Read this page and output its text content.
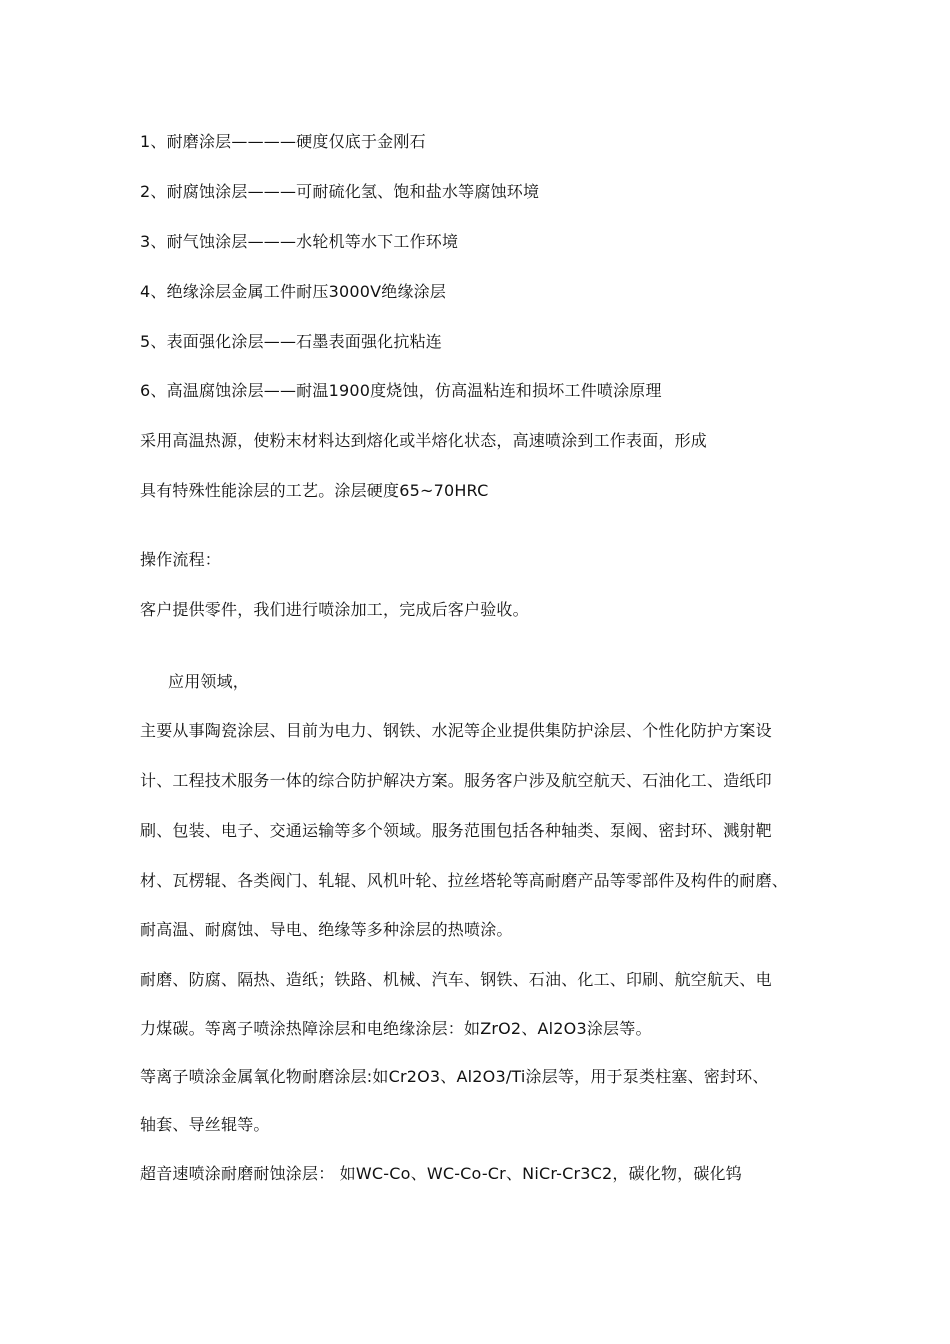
1、耐磨涂层————硬度仅底于金刚石
2、耐腐蚀涂层———可耐硫化氢、饱和盐水等腐蚀环境
3、耐气蚀涂层———水轮机等水下工作环境
4、绝缘涂层金属工件耐压3000V绝缘涂层
5、表面强化涂层——石墨表面强化抗粘连
6、高温腐蚀涂层——耐温1900度烧蚀，仿高温粘连和损坏工件喷涂原理
采用高温热源，使粉末材料达到熔化或半熔化状态，高速喷涂到工作表面，形成
具有特殊性能涂层的工艺。涂层硬度65~70HRC
操作流程：
客户提供零件，我们进行喷涂加工，完成后客户验收。
应用领域，
主要从事陶瓷涂层、目前为电力、钢铁、水泥等企业提供集防护涂层、个性化防护方案设
计、工程技术服务一体的综合防护解决方案。服务客户涉及航空航天、石油化工、造纸印
刷、包装、电子、交通运输等多个领域。服务范围包括各种轴类、泵阀、密封环、溅射靶
材、瓦楞辊、各类阀门、轧辊、风机叶轮、拉丝塔轮等高耐磨产品等零部件及构件的耐磨、
耐高温、耐腐蚀、导电、绝缘等多种涂层的热喷涂。
耐磨、防腐、隔热、造纸；铁路、机械、汽车、钢铁、石油、化工、印刷、航空航天、电
力煤碳。等离子喷涂热障涂层和电绝缘涂层：如ZrO2、Al2O3涂层等。
等离子喷涂金属氧化物耐磨涂层:如Cr2O3、Al2O3/Ti涂层等，用于泵类柱塞、密封环、
轴套、导丝辊等。
超音速喷涂耐磨耐蚀涂层： 如WC-Co、WC-Co-Cr、NiCr-Cr3C2，碳化物，碳化钨
